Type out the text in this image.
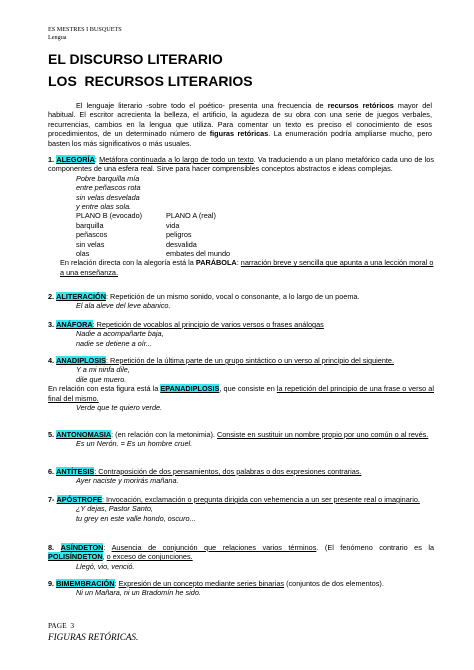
ES MESTRES I BUSQUETS
Lengua
EL DISCURSO LITERARIO
LOS  RECURSOS LITERARIOS
El lenguaje literario -sobre todo el poético- presenta una frecuencia de recursos retóricos mayor del habitual. El escritor acrecienta la belleza, el artificio, la agudeza de su obra con una serie de juegos verbales, recurrencias, cambios en la lengua que utiliza. Para comentar un texto es preciso el conocimiento de esos procedimientos, de un determinado número de figuras retóricas. La enumeración podría ampliarse mucho, pero basten los más significativos o más usuales.
1. ALEGORÍA: Metáfora continuada a lo largo de todo un texto. Va traduciendo a un plano metafórico cada uno de los componentes de una esfera real. Sirve para hacer comprensibles conceptos abstractos e ideas complejas.
Pobre barquilla mía
entre peñascos rota
sin velas desvelada
y entre olas sola.
PLANO B (evocado)	PLANO A (real)
barquilla	vida
peñascos	peligros
sin velas	desvalida
olas	embates del mundo
En relación directa con la alegoría está la PARÁBOLA: narración breve y sencilla que apunta a una lección moral o a una enseñanza.
2. ALITERACIÓN: Repetición de un mismo sonido, vocal o consonante, a lo largo de un poema.
El ala aleve del leve abanico.
3. ANÁFORA: Repetición de vocablos al principio de varios versos o frases análogas
Nadie a acompañarte baja,
nadie se detiene a oír...
4. ANADIPLOSIS: Repetición de la última parte de un grupo sintáctico o un verso al principio del siguiente.
Y a mi ninfa dile,
dile que muero.
En relación con esta figura está la EPANADIPLOSIS, que consiste en la repetición del principio de una frase o verso al final del mismo.
Verde que te quiero verde.
5. ANTONOMASIA: (en relación con la metonimia). Consiste en sustituir un nombre propio por uno común o al revés.
Es un Nerón. = Es un hombre cruel.
6. ANTÍTESIS: Contraposición de dos pensamientos, dos palabras o dos expresiones contrarias.
Ayer naciste y morirás mañana.
7- APÓSTROFE: Invocación, exclamación o pregunta dirigida con vehemencia a un ser presente real o imaginario.
¿Y dejas, Pastor Santo,
tu grey en este valle hondo, oscuro...
8. ASÍNDETON: Ausencia de conjunción que relaciones varios términos. (El fenómeno contrario es la POLISÍNDETON, o exceso de conjunciones.
Llegó, vio, venció.
9. BIMEMBRACIÓN: Expresión de un concepto mediante series binarias (conjuntos de dos elementos).
Ni un Mañara, ni un Bradomín he sido.
PAGE  3
FIGURAS RETÓRICAS.
